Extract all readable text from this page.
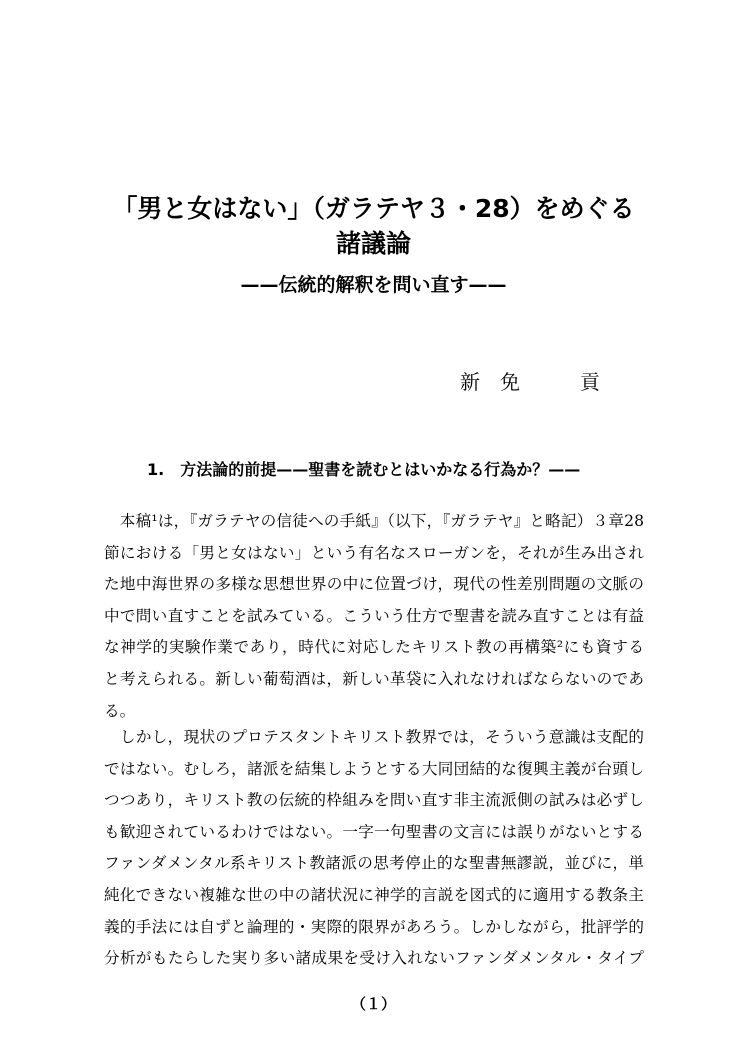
「男と女はない」（ガラテヤ３・28）をめぐる
諸議論

——伝統的解釈を問い直す——

新　免　　　貢

1.　方法論的前提——聖書を読むとはいかなる行為か？——
　本稿¹は，『ガラテヤの信徒への手紙』（以下，『ガラテヤ』と略記）３章28
節における「男と女はない」という有名なスローガンを，それが生み出され
た地中海世界の多様な思想世界の中に位置づけ，現代の性差別問題の文脈の
中で問い直すことを試みている。こういう仕方で聖書を読み直すことは有益
な神学的実験作業であり，時代に対応したキリスト教の再構築²にも資する
と考えられる。新しい葡萄酒は，新しい革袋に入れなければならないのであ
る。
　しかし，現状のプロテスタントキリスト教界では，そういう意識は支配的
ではない。むしろ，諸派を結集しようとする大同団結的な復興主義が台頭し
つつあり，キリスト教の伝統的枠組みを問い直す非主流派側の試みは必ずし
も歓迎されているわけではない。一字一句聖書の文言には誤りがないとする
ファンダメンタル系キリスト教諸派の思考停止的な聖書無謬説，並びに，単
純化できない複雑な世の中の諸状況に神学的言説を図式的に適用する教条主
義的手法には自ずと論理的・実際的限界があろう。しかしながら，批評学的
分析がもたらした実り多い諸成果を受け入れないファンダメンタル・タイプ

（１）
